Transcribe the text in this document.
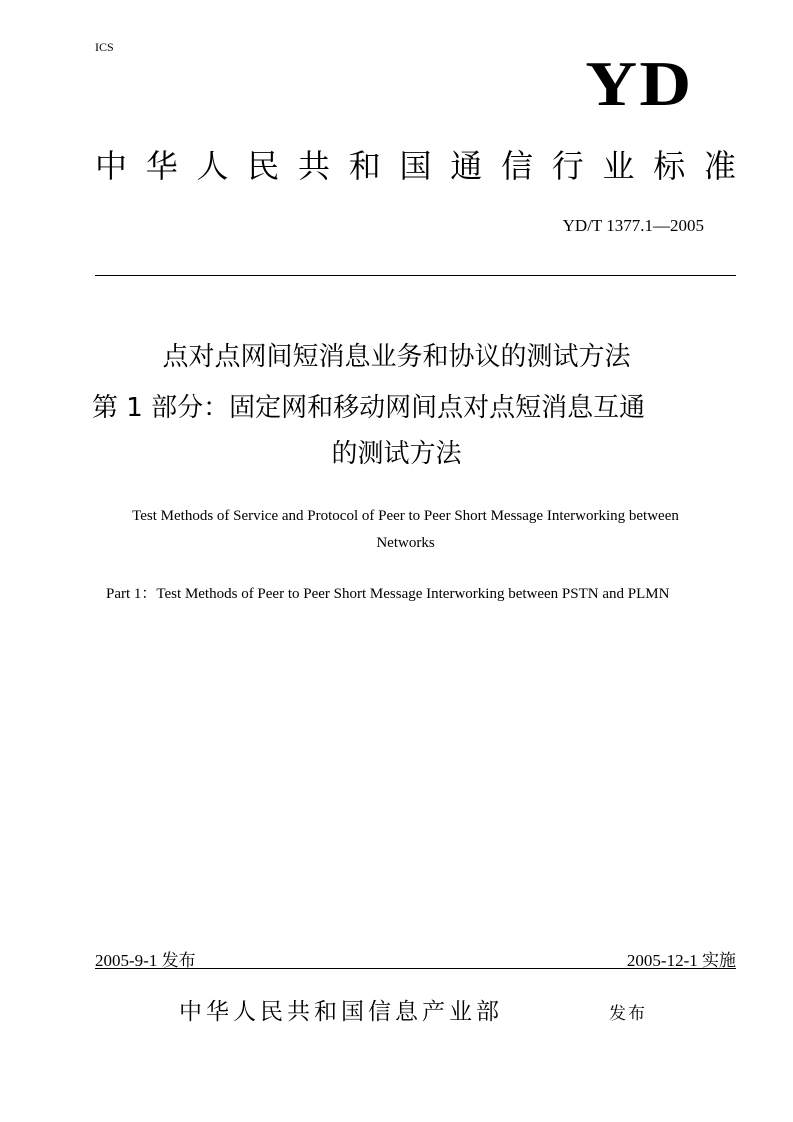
ICS
YD
中华人民共和国通信行业标准
YD/T 1377.1—2005
点对点网间短消息业务和协议的测试方法
第 1 部分：固定网和移动网间点对点短消息互通
的测试方法
Test Methods of Service and Protocol of Peer to Peer Short Message Interworking between
Networks
Part 1：Test Methods of Peer to Peer Short Message Interworking between PSTN and PLMN
2005-9-1 发布	2005-12-1 实施
中华人民共和国信息产业部	发布
